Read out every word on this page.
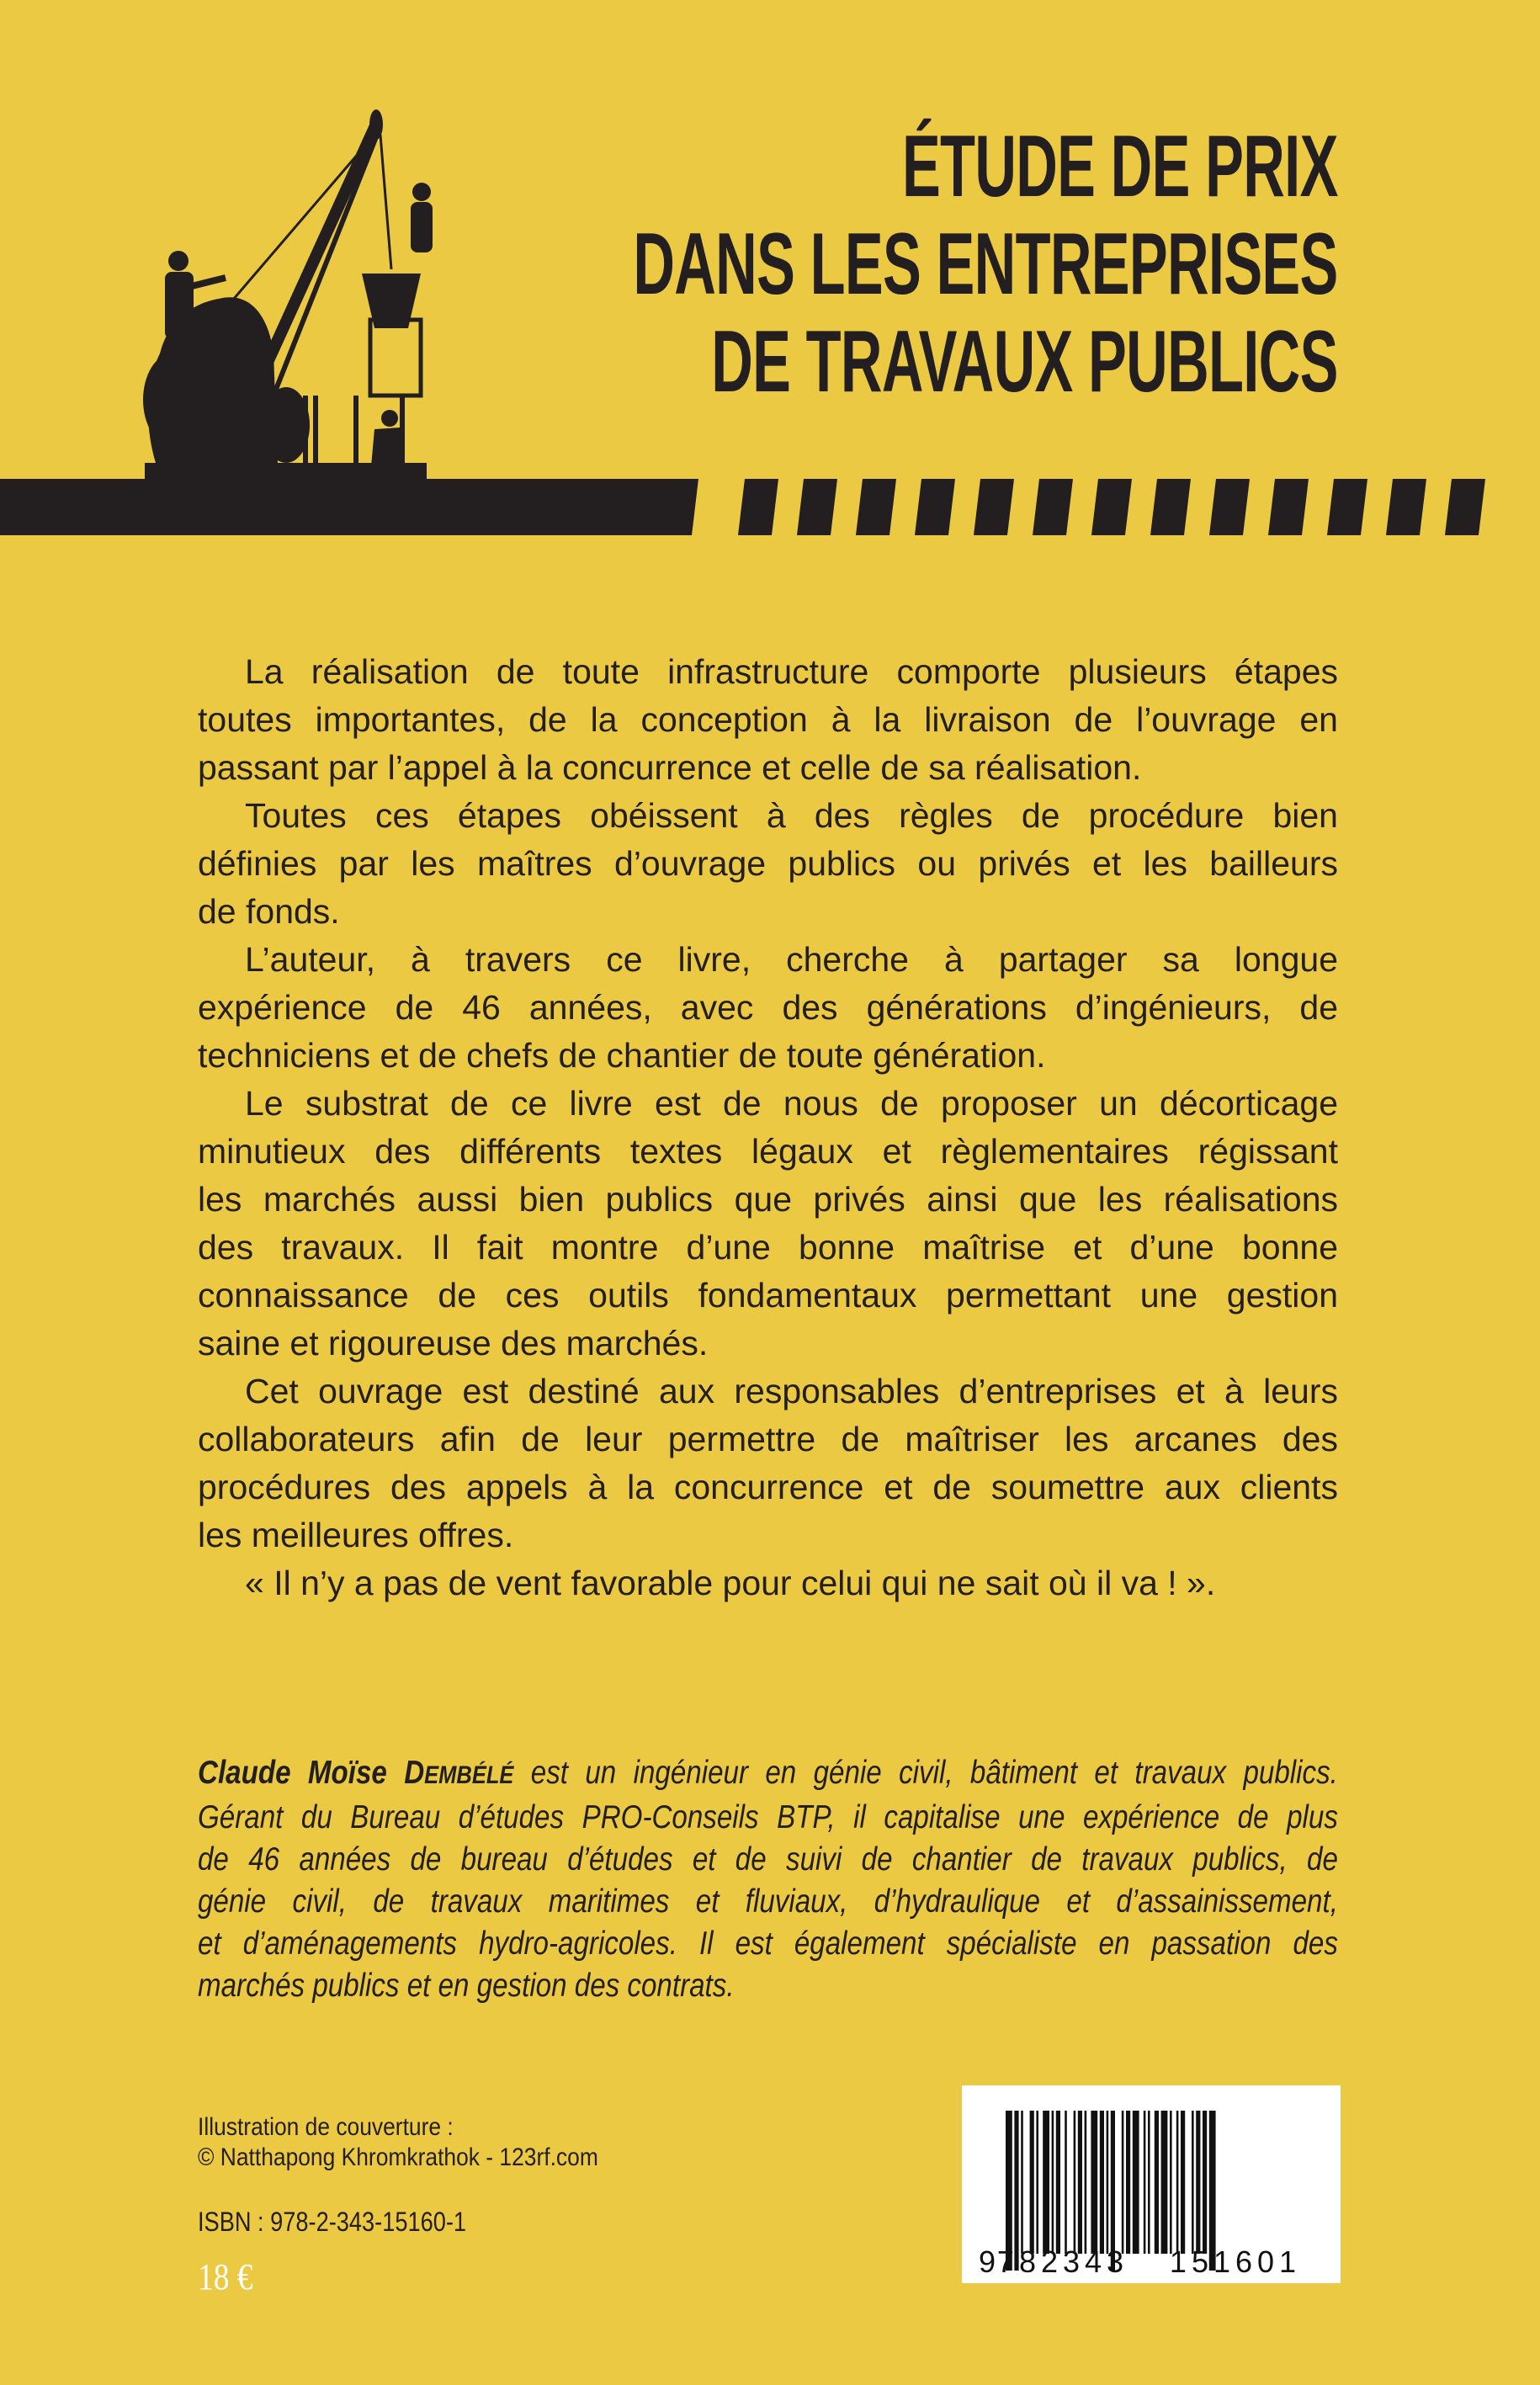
ÉTUDE DE PRIX
DANS LES ENTREPRISES
DE TRAVAUX PUBLICS
La réalisation de toute infrastructure comporte plusieurs étapes
toutes importantes, de la conception à la livraison de l’ouvrage en
passant par l’appel à la concurrence et celle de sa réalisation.
Toutes ces étapes obéissent à des règles de procédure bien
définies par les maîtres d’ouvrage publics ou privés et les bailleurs
de fonds.
L’auteur, à travers ce livre, cherche à partager sa longue
expérience de 46 années, avec des générations d’ingénieurs, de
techniciens et de chefs de chantier de toute génération.
Le substrat de ce livre est de nous de proposer un décorticage
minutieux des différents textes légaux et règlementaires régissant
les marchés aussi bien publics que privés ainsi que les réalisations
des travaux. Il fait montre d’une bonne maîtrise et d’une bonne
connaissance de ces outils fondamentaux permettant une gestion
saine et rigoureuse des marchés.
Cet ouvrage est destiné aux responsables d’entreprises et à leurs
collaborateurs afin de leur permettre de maîtriser les arcanes des
procédures des appels à la concurrence et de soumettre aux clients
les meilleures offres.
« Il n’y a pas de vent favorable pour celui qui ne sait où il va ! ».
Claude Moïse DEMBÉLÉ est un ingénieur en génie civil, bâtiment et travaux publics.
Gérant du Bureau d’études PRO-Conseils BTP, il capitalise une expérience de plus
de 46 années de bureau d’études et de suivi de chantier de travaux publics, de
génie civil, de travaux maritimes et fluviaux, d’hydraulique et d’assainissement,
et d’aménagements hydro-agricoles. Il est également spécialiste en passation des
marchés publics et en gestion des contrats.
Illustration de couverture :
© Natthapong Khromkrathok - 123rf.com
ISBN : 978-2-343-15160-1
18 €	9
782343 151601
